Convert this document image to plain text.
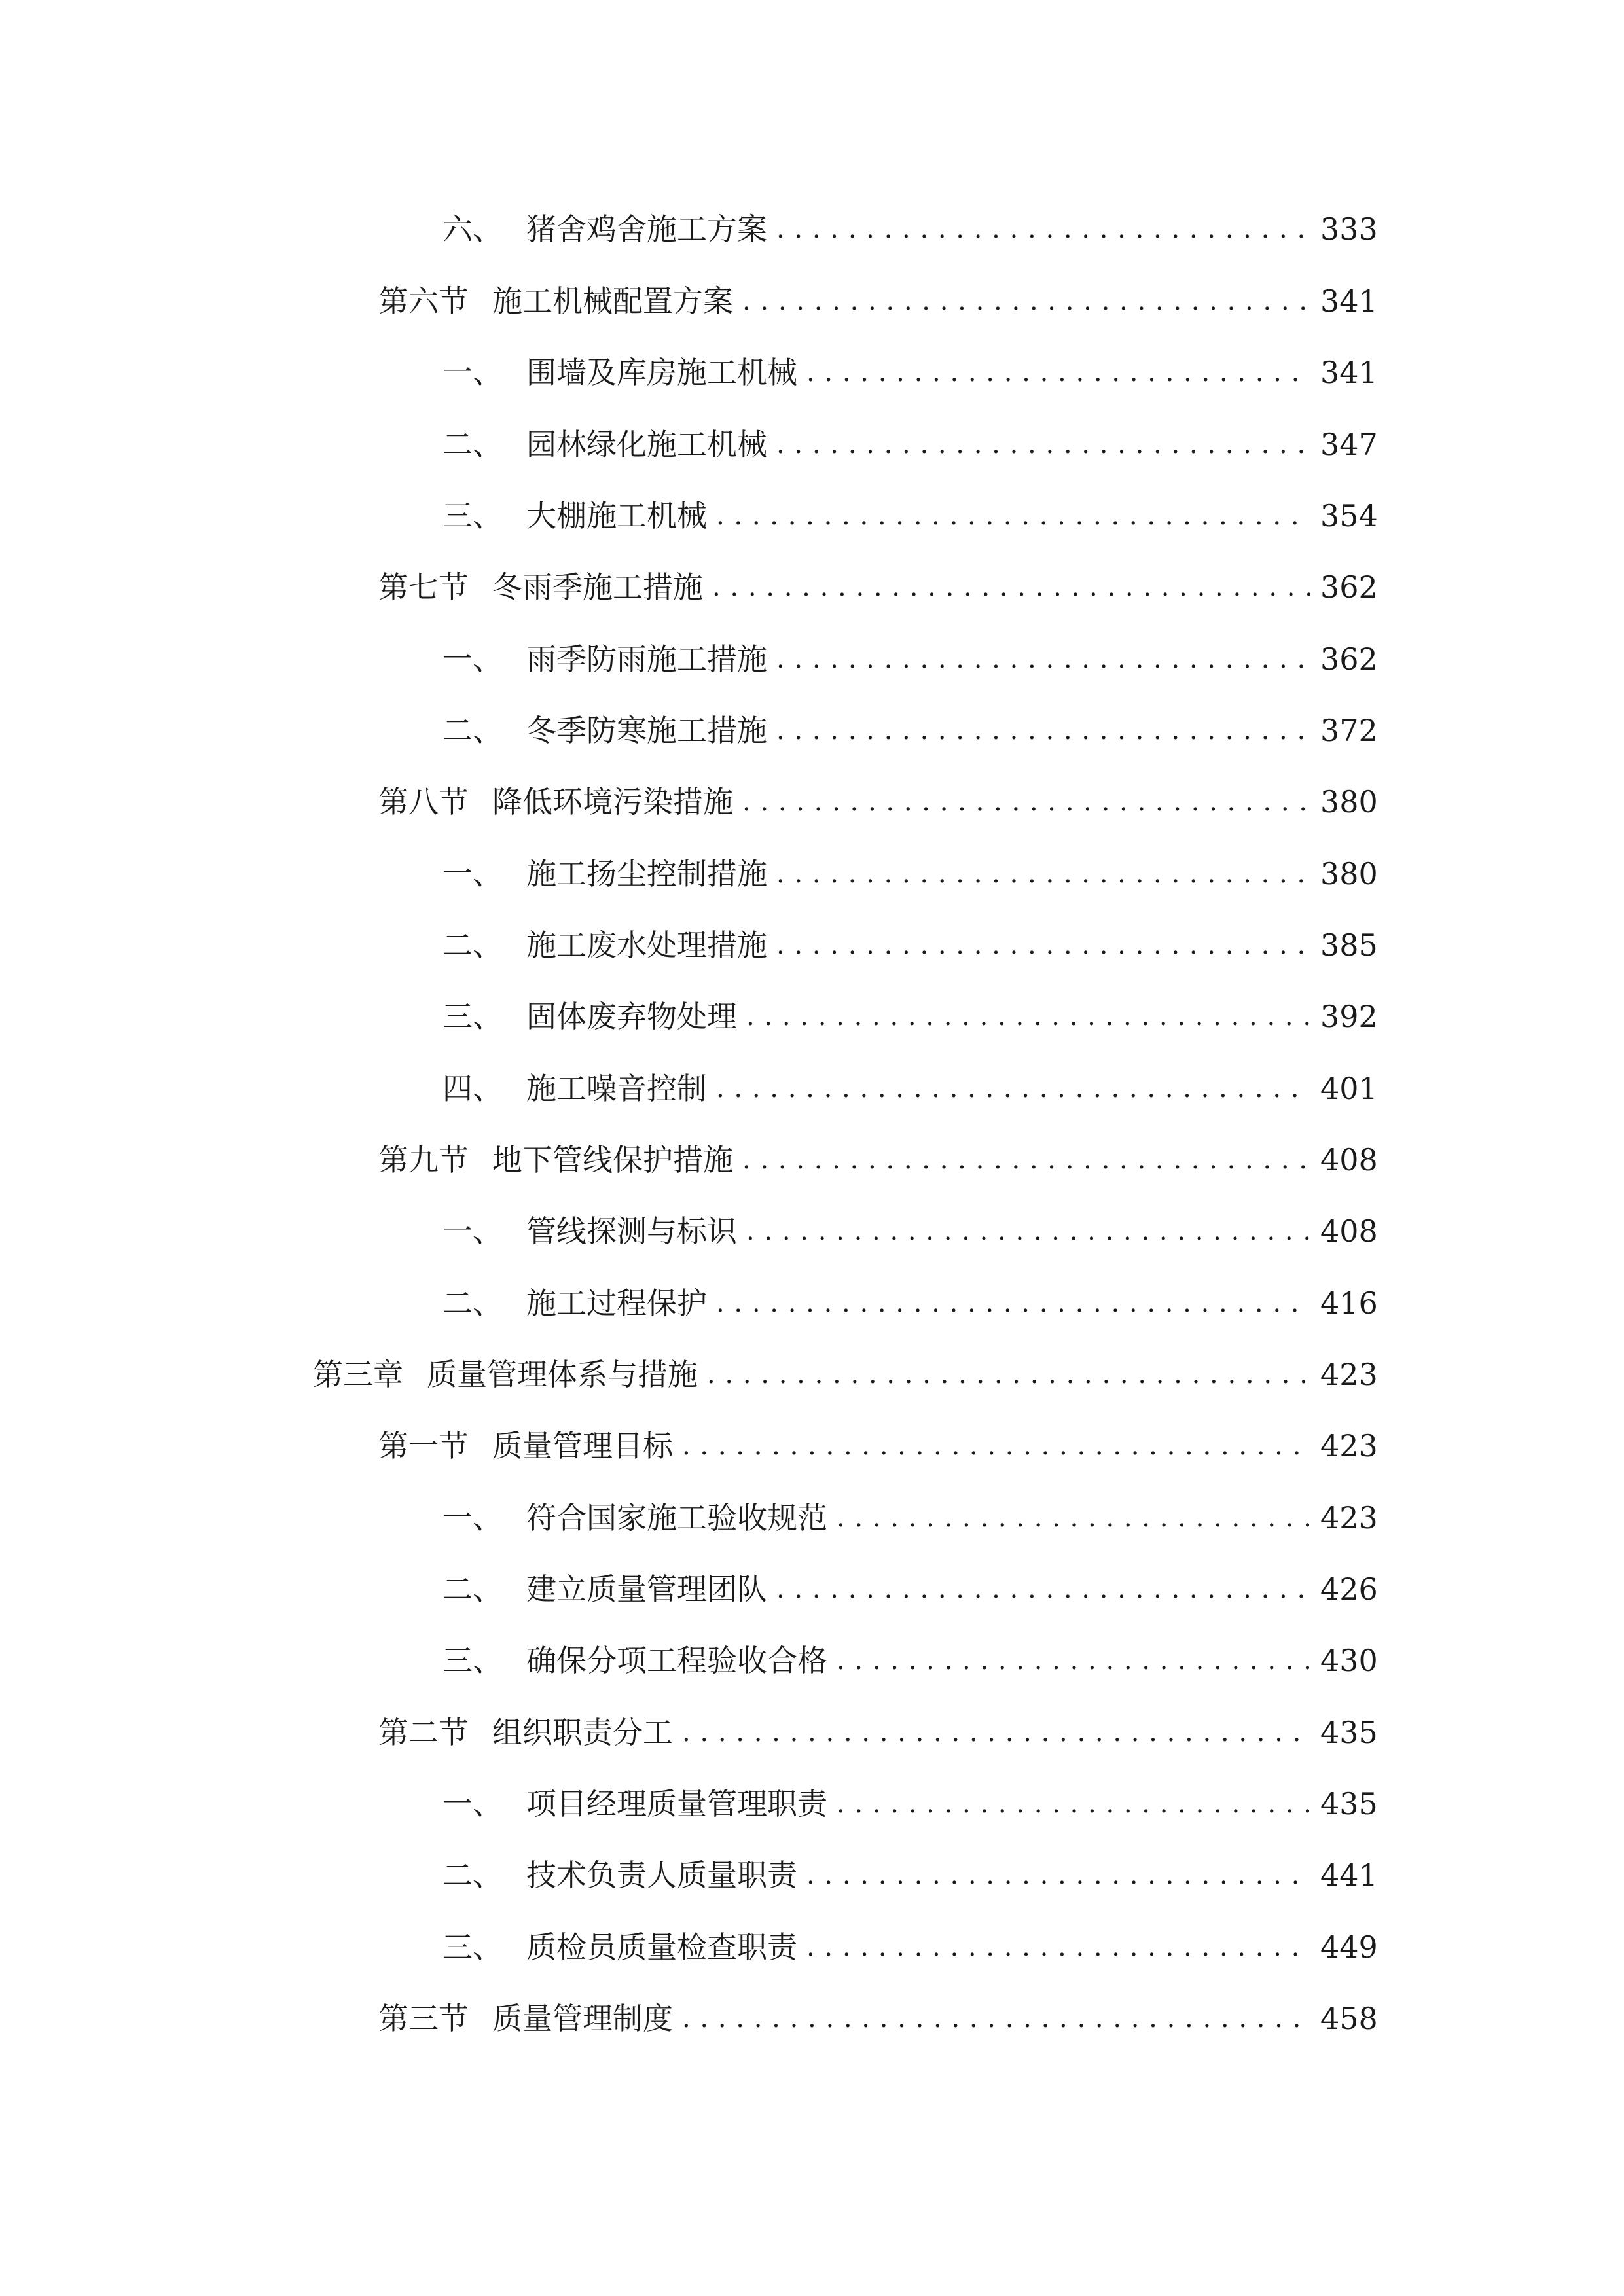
六、 猪舍鸡舍施工方案 . . .	333
第六节 施工机械配置方案 . . .	341
一、 围墙及库房施工机械 . . .	341
二、 园林绿化施工机械 . . .	347
三、 大棚施工机械 . . .	354
第七节 冬雨季施工措施 . . .	362
一、 雨季防雨施工措施 . . .	362
二、 冬季防寒施工措施 . . .	372
第八节 降低环境污染措施 . . .	380
一、 施工扬尘控制措施 . . .	380
二、 施工废水处理措施 . . .	385
三、 固体废弃物处理 . . .	392
四、 施工噪音控制 . . .	401
第九节 地下管线保护措施 . . .	408
一、 管线探测与标识 . . .	408
二、 施工过程保护 . . .	416
第三章 质量管理体系与措施 . . .	423
第一节 质量管理目标 . . .	423
一、 符合国家施工验收规范 . . .	423
二、 建立质量管理团队 . . .	426
三、 确保分项工程验收合格 . . .	430
第二节 组织职责分工 . . .	435
一、 项目经理质量管理职责 . . .	435
二、 技术负责人质量职责 . . .	441
三、 质检员质量检查职责 . . .	449
第三节 质量管理制度 . . .	458
